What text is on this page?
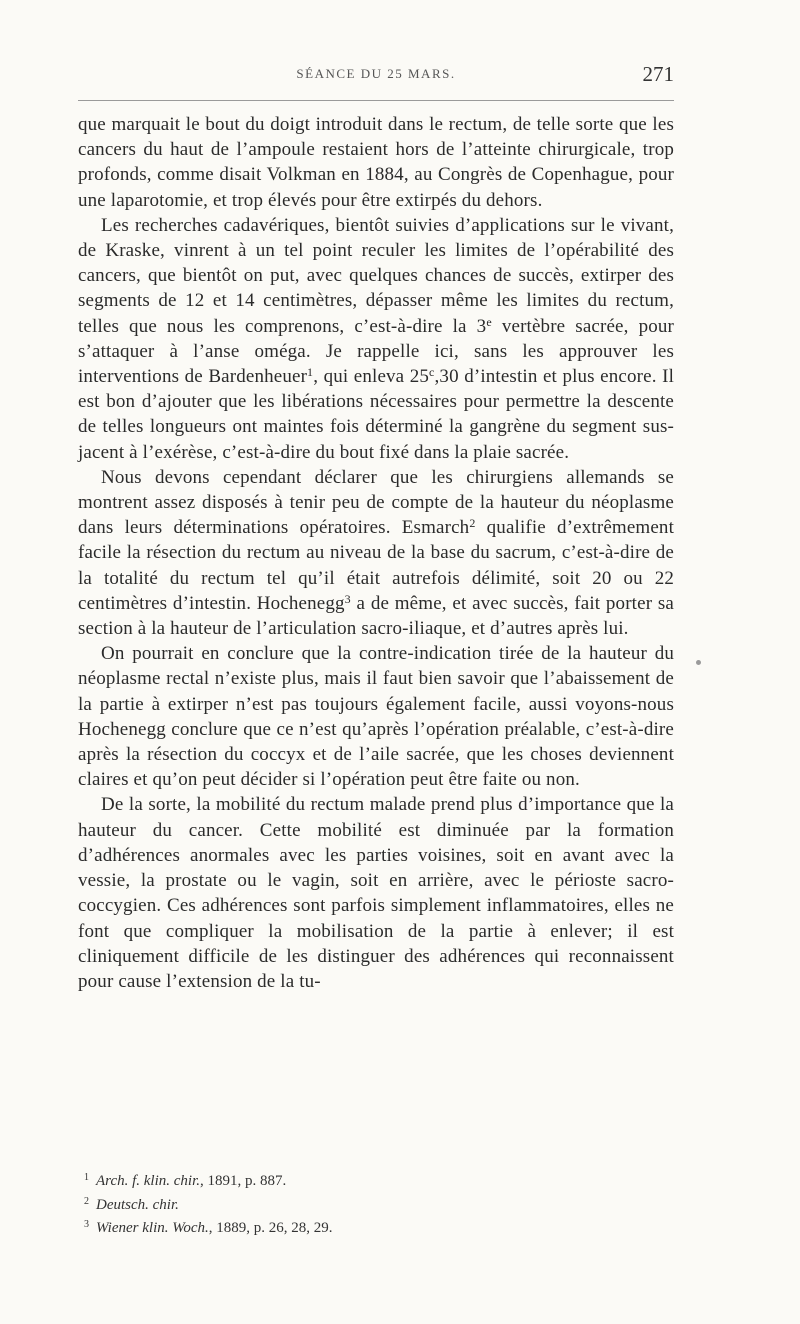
SÉANCE DU 25 MARS.	271

que marquait le bout du doigt introduit dans le rectum, de telle sorte que les cancers du haut de l’ampoule restaient hors de l’atteinte chirurgicale, trop profonds, comme disait Volkman en 1884, au Congrès de Copenhague, pour une laparotomie, et trop élevés pour être extirpés du dehors.

Les recherches cadavériques, bientôt suivies d’applications sur le vivant, de Kraske, vinrent à un tel point reculer les limites de l’opérabilité des cancers, que bientôt on put, avec quelques chances de succès, extirper des segments de 12 et 14 centimètres, dépasser même les limites du rectum, telles que nous les comprenons, c’est-à-dire la 3e vertèbre sacrée, pour s’attaquer à l’anse oméga. Je rappelle ici, sans les approuver les interventions de Bardenheuer$^1$, qui enleva 25$^c$,30 d’intestin et plus encore. Il est bon d’ajouter que les libérations nécessaires pour permettre la descente de telles longueurs ont maintes fois déterminé la gangrène du segment sus-jacent à l’exérèse, c’est-à-dire du bout fixé dans la plaie sacrée.

Nous devons cependant déclarer que les chirurgiens allemands se montrent assez disposés à tenir peu de compte de la hauteur du néoplasme dans leurs déterminations opératoires. Esmarch$^2$ qualifie d’extrêmement facile la résection du rectum au niveau de la base du sacrum, c’est-à-dire de la totalité du rectum tel qu’il était autrefois délimité, soit 20 ou 22 centimètres d’intestin. Hochenegg$^3$ a de même, et avec succès, fait porter sa section à la hauteur de l’articulation sacro-iliaque, et d’autres après lui.

On pourrait en conclure que la contre-indication tirée de la hauteur du néoplasme rectal n’existe plus, mais il faut bien savoir que l’abaissement de la partie à extirper n’est pas toujours également facile, aussi voyons-nous Hochenegg conclure que ce n’est qu’après l’opération préalable, c’est-à-dire après la résection du coccyx et de l’aile sacrée, que les choses deviennent claires et qu’on peut décider si l’opération peut être faite ou non.

De la sorte, la mobilité du rectum malade prend plus d’importance que la hauteur du cancer. Cette mobilité est diminuée par la formation d’adhérences anormales avec les parties voisines, soit en avant avec la vessie, la prostate ou le vagin, soit en arrière, avec le périoste sacro-coccygien. Ces adhérences sont parfois simplement inflammatoires, elles ne font que compliquer la mobilisation de la partie à enlever; il est cliniquement difficile de les distinguer des adhérences qui reconnaissent pour cause l’extension de la tu-

$^1$ Arch. f. klin. chir., 1891, p. 887.
$^2$ Deutsch. chir.
$^3$ Wiener klin. Woch., 1889, p. 26, 28, 29.
